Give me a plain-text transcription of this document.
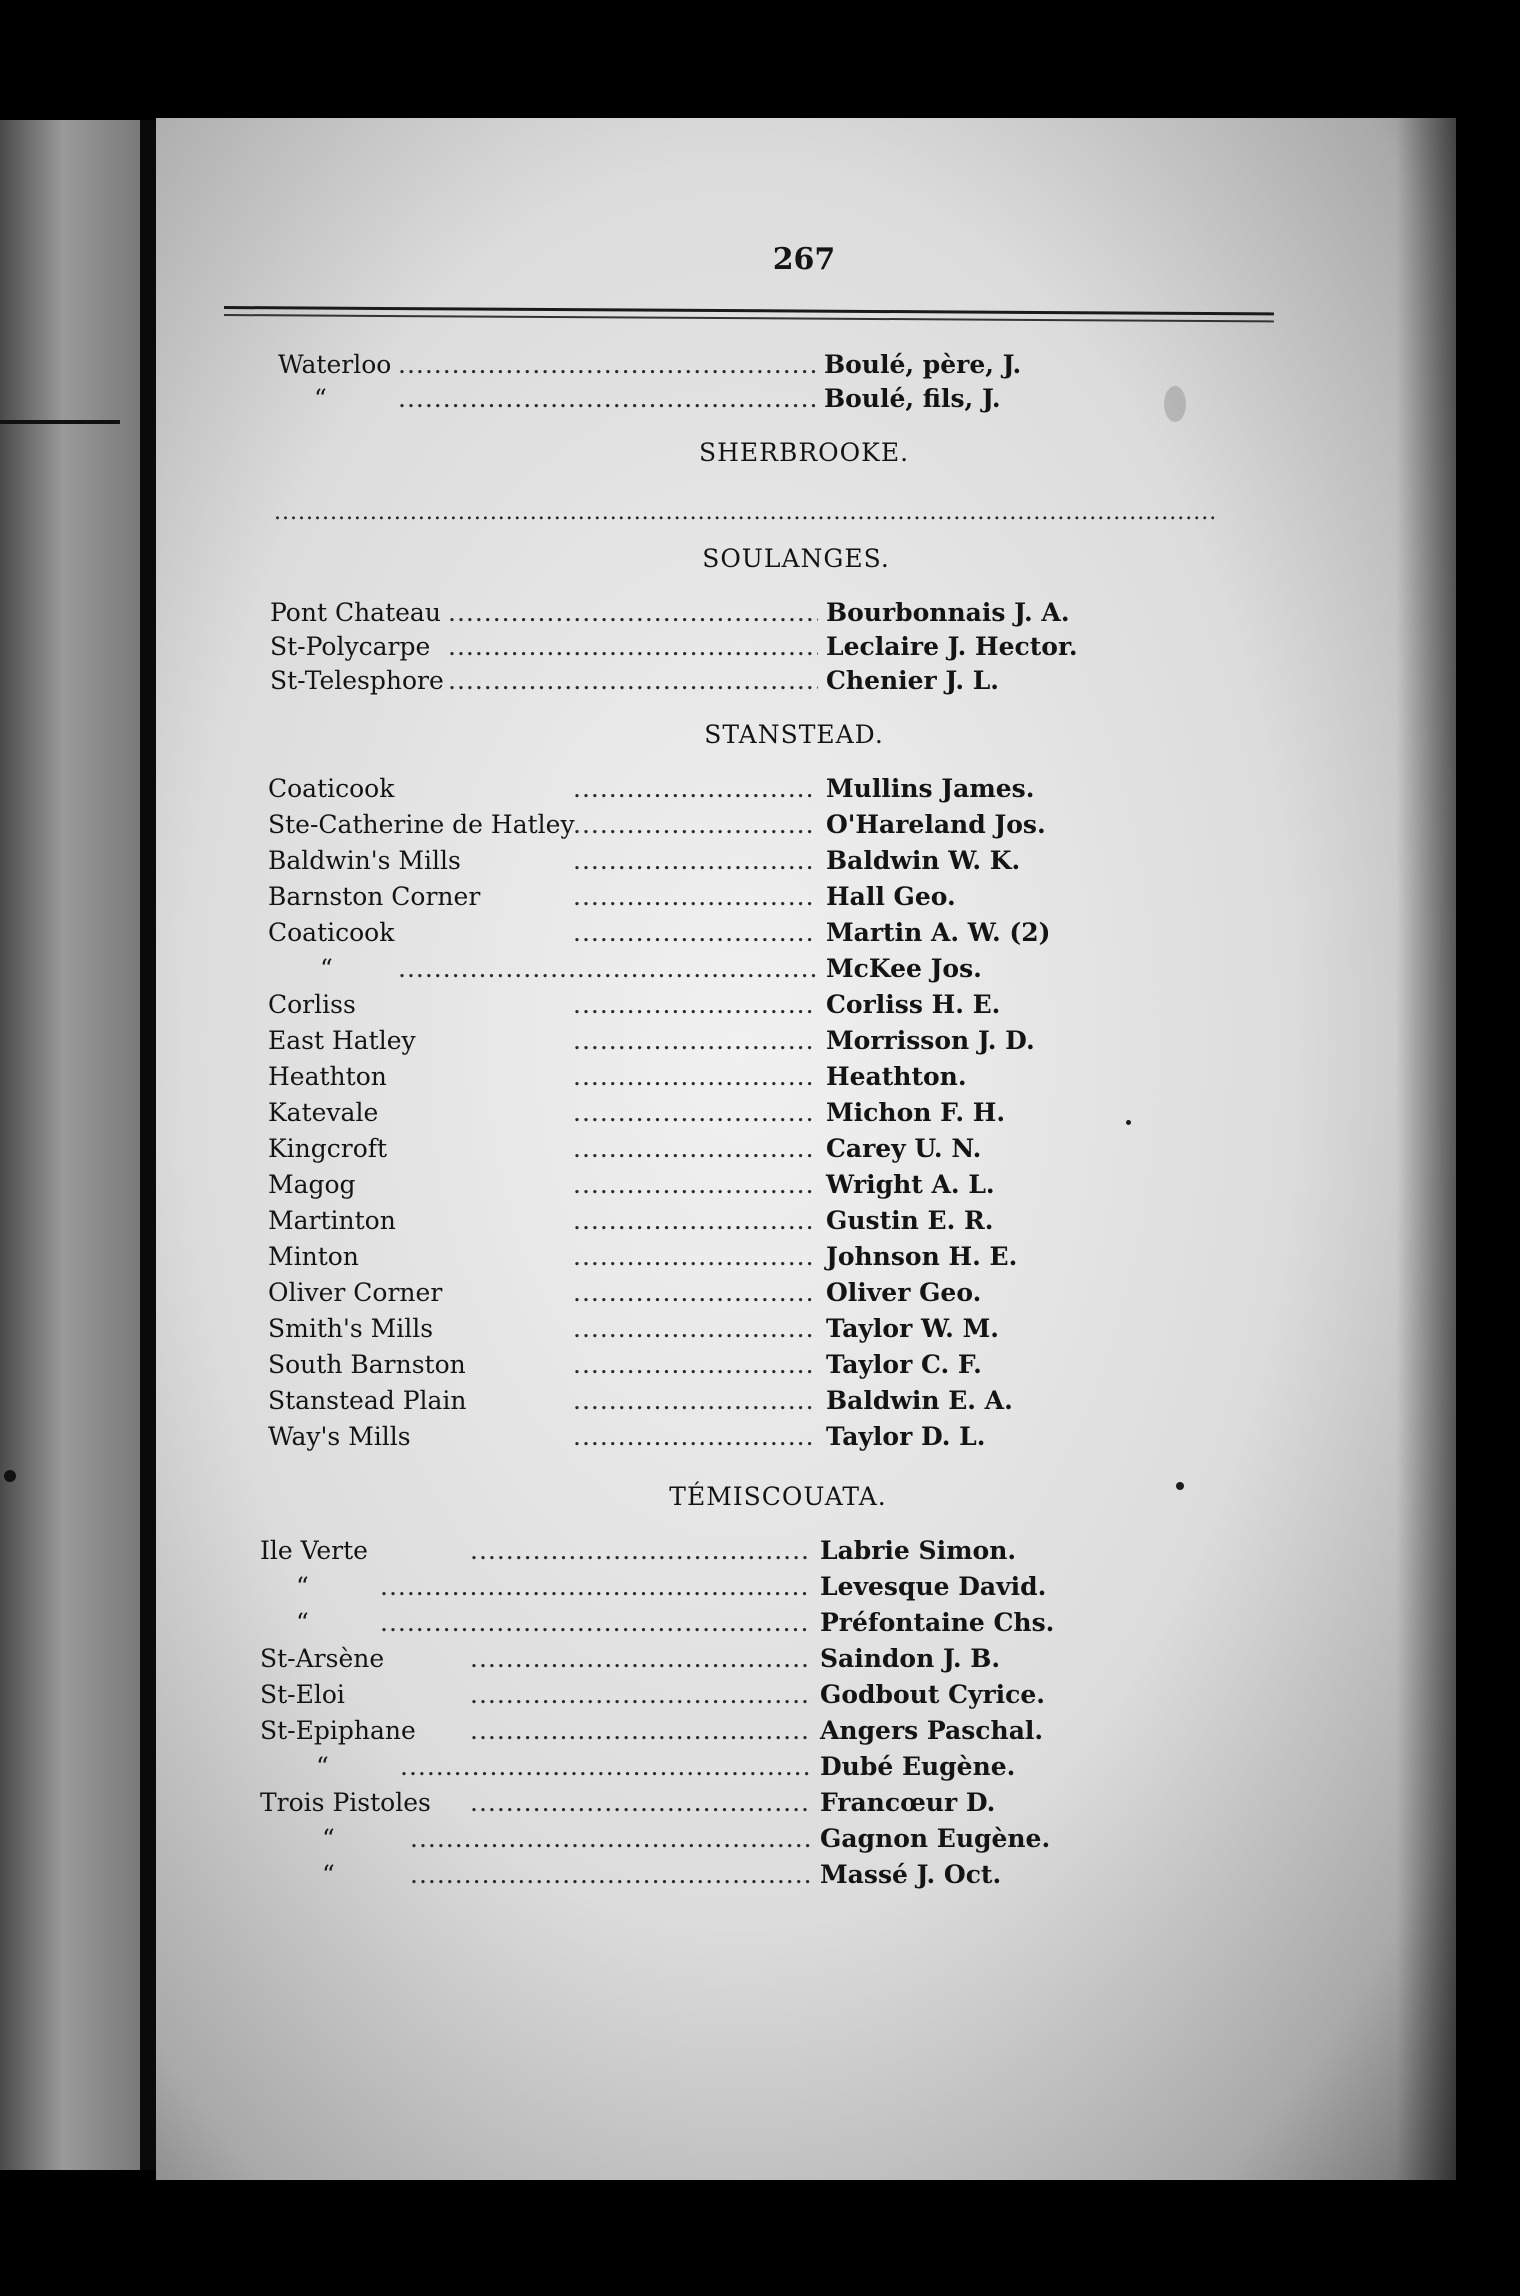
267
Waterloo .....	Boulé, père, J.
“ .....	Boulé, fils, J.
SHERBROOKE.
.....
SOULANGES.
Pont Chateau .....	Bourbonnais J. A.
St-Polycarpe .....	Leclaire J. Hector.
St-Telesphore .....	Chenier J. L.
STANSTEAD.
Coaticook .....	Mullins James.
Ste-Catherine de Hatley .....	O'Hareland Jos.
Baldwin's Mills .....	Baldwin W. K.
Barnston Corner .....	Hall Geo.
Coaticook .....	Martin A. W. (2)
“ .....	McKee Jos.
Corliss .....	Corliss H. E.
East Hatley .....	Morrisson J. D.
Heathton .....	Heathton.
Katevale .....	Michon F. H.
Kingcroft .....	Carey U. N.
Magog .....	Wright A. L.
Martinton .....	Gustin E. R.
Minton .....	Johnson H. E.
Oliver Corner .....	Oliver Geo.
Smith's Mills .....	Taylor W. M.
South Barnston .....	Taylor C. F.
Stanstead Plain .....	Baldwin E. A.
Way's Mills .....	Taylor D. L.
TÉMISCOUATA.
Ile Verte .....	Labrie Simon.
“ .....	Levesque David.
“ .....	Préfontaine Chs.
St-Arsène .....	Saindon J. B.
St-Eloi .....	Godbout Cyrice.
St-Epiphane .....	Angers Paschal.
“ .....	Dubé Eugène.
Trois Pistoles .....	Francœur D.
“ .....	Gagnon Eugène.
“ .....	Massé J. Oct.
